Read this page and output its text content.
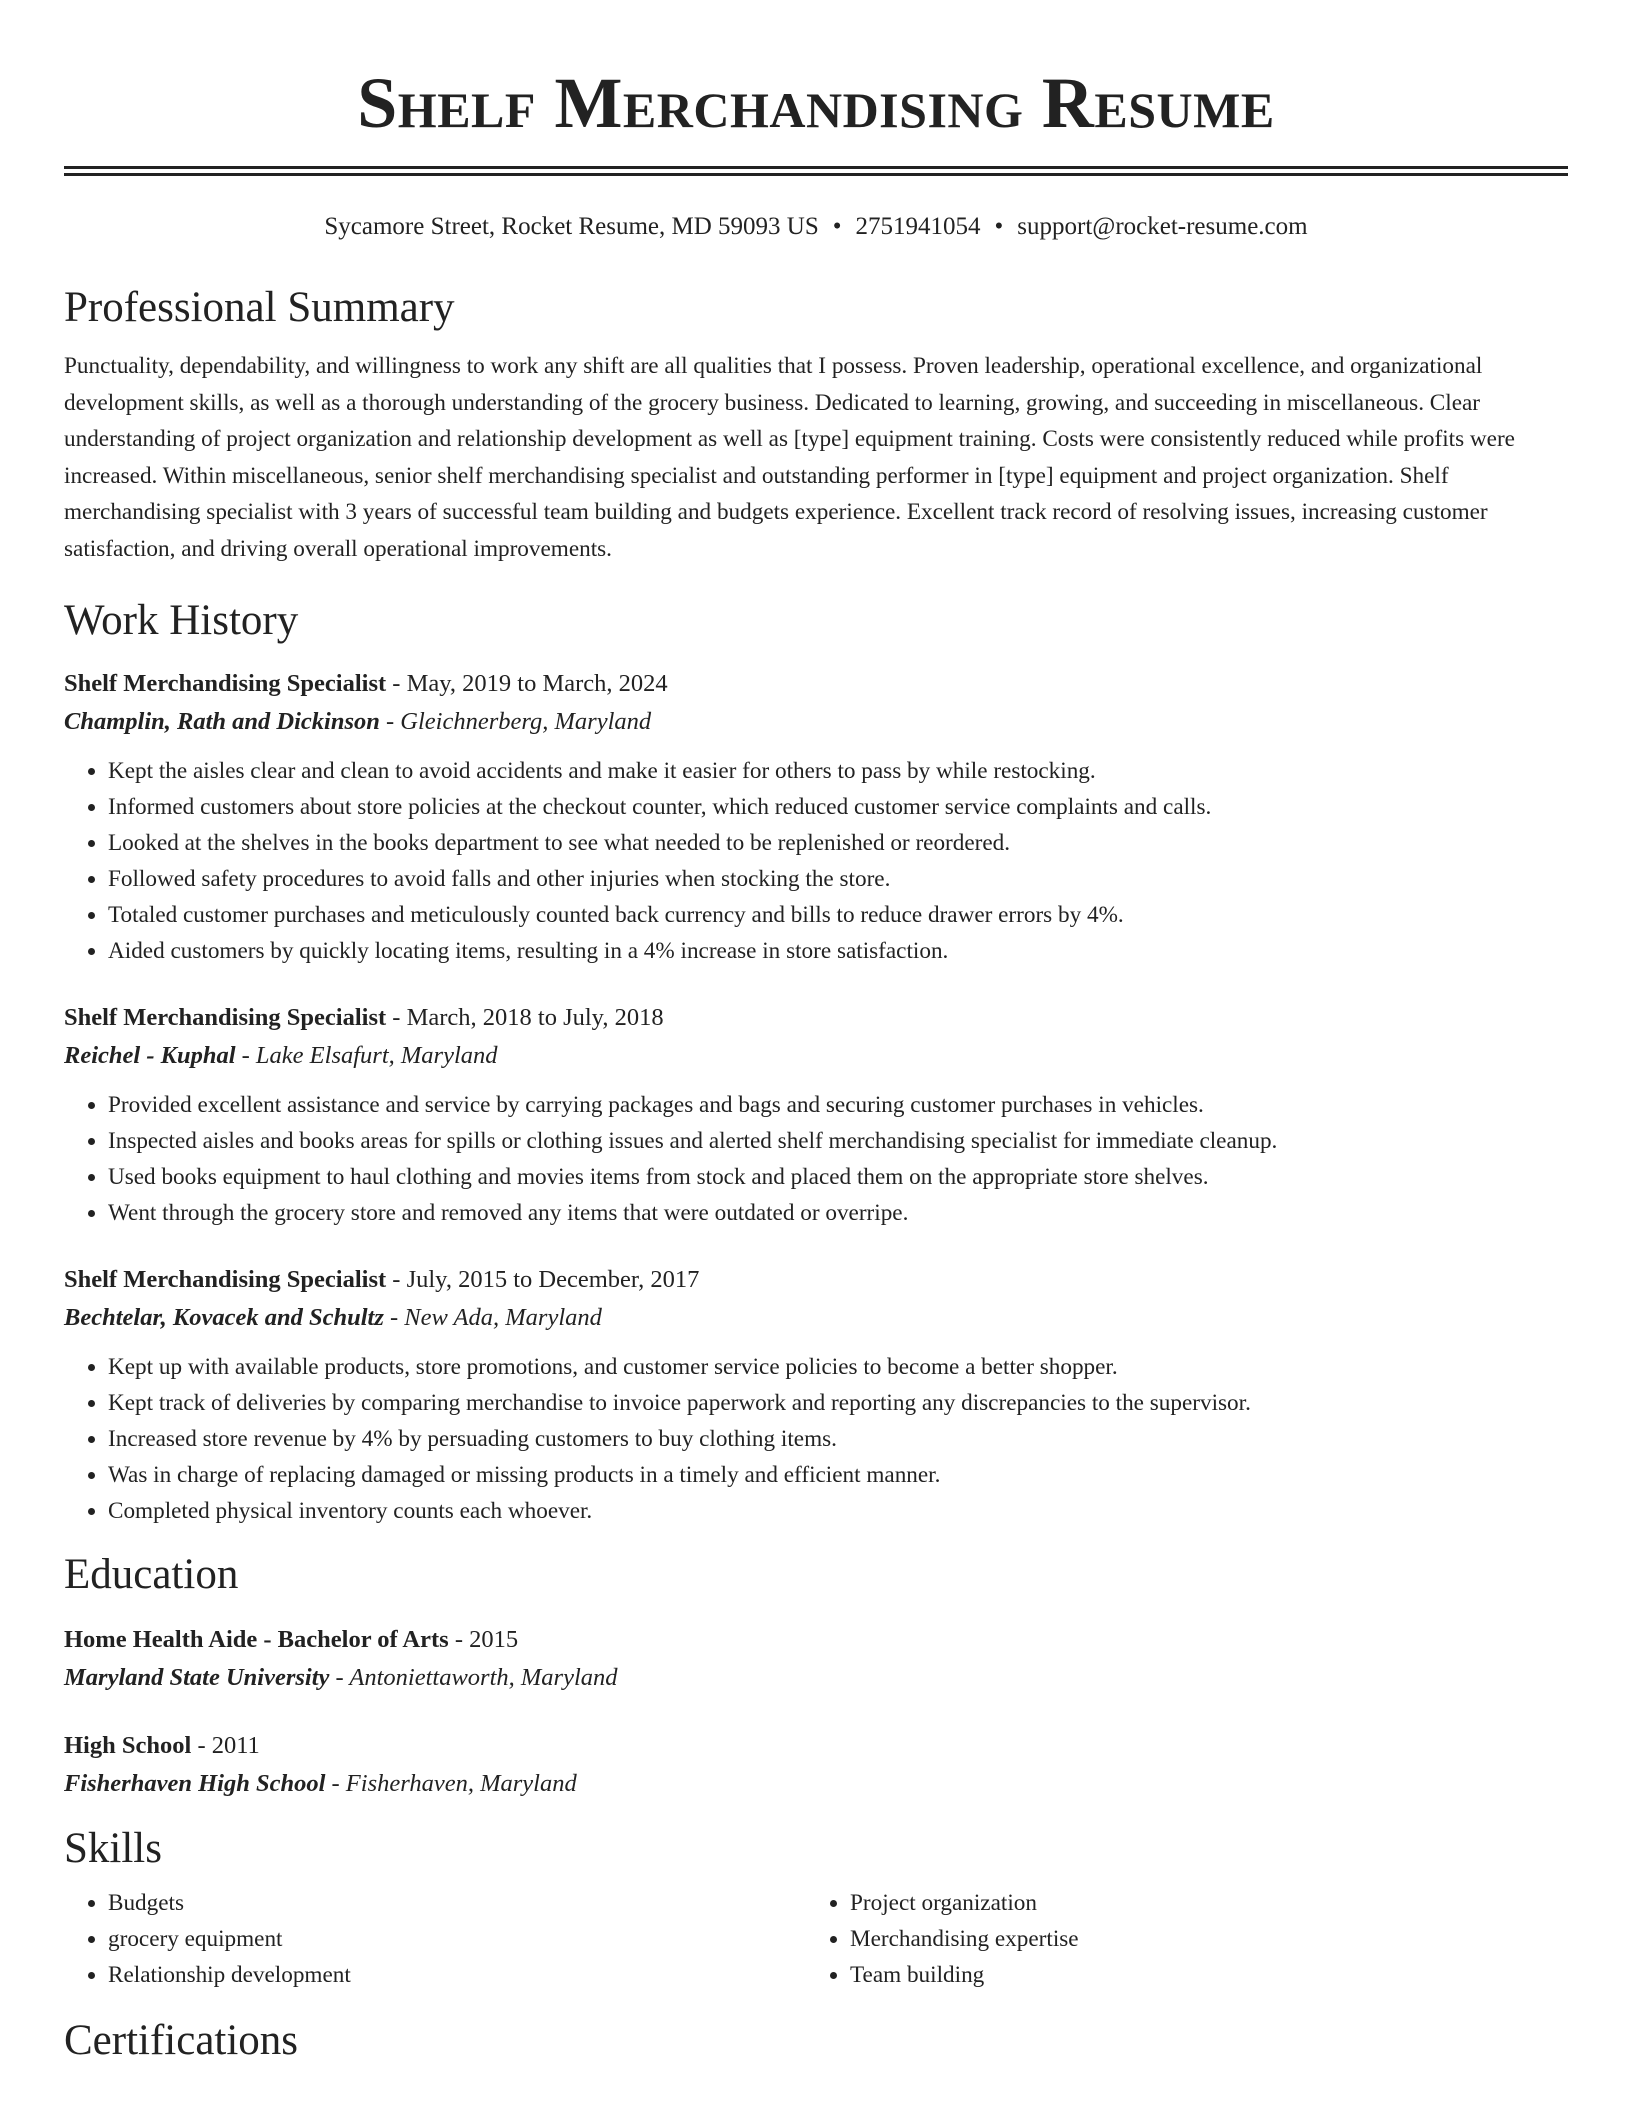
Shelf Merchandising Resume
Sycamore Street, Rocket Resume, MD 59093 US • 2751941054 • support@rocket-resume.com
Professional Summary

Punctuality, dependability, and willingness to work any shift are all qualities that I possess. Proven leadership, operational excellence, and organizational development skills, as well as a thorough understanding of the grocery business. Dedicated to learning, growing, and succeeding in miscellaneous. Clear understanding of project organization and relationship development as well as [type] equipment training. Costs were consistently reduced while profits were increased. Within miscellaneous, senior shelf merchandising specialist and outstanding performer in [type] equipment and project organization. Shelf merchandising specialist with 3 years of successful team building and budgets experience. Excellent track record of resolving issues, increasing customer satisfaction, and driving overall operational improvements.

Work History
Shelf Merchandising Specialist - May, 2019 to March, 2024
Champlin, Rath and Dickinson - Gleichnerberg, Maryland
• Kept the aisles clear and clean to avoid accidents and make it easier for others to pass by while restocking.
• Informed customers about store policies at the checkout counter, which reduced customer service complaints and calls.
• Looked at the shelves in the books department to see what needed to be replenished or reordered.
• Followed safety procedures to avoid falls and other injuries when stocking the store.
• Totaled customer purchases and meticulously counted back currency and bills to reduce drawer errors by 4%.
• Aided customers by quickly locating items, resulting in a 4% increase in store satisfaction.
Shelf Merchandising Specialist - March, 2018 to July, 2018
Reichel - Kuphal - Lake Elsafurt, Maryland
• Provided excellent assistance and service by carrying packages and bags and securing customer purchases in vehicles.
• Inspected aisles and books areas for spills or clothing issues and alerted shelf merchandising specialist for immediate cleanup.
• Used books equipment to haul clothing and movies items from stock and placed them on the appropriate store shelves.
• Went through the grocery store and removed any items that were outdated or overripe.
Shelf Merchandising Specialist - July, 2015 to December, 2017
Bechtelar, Kovacek and Schultz - New Ada, Maryland
• Kept up with available products, store promotions, and customer service policies to become a better shopper.
• Kept track of deliveries by comparing merchandise to invoice paperwork and reporting any discrepancies to the supervisor.
• Increased store revenue by 4% by persuading customers to buy clothing items.
• Was in charge of replacing damaged or missing products in a timely and efficient manner.
• Completed physical inventory counts each whoever.
Education
Home Health Aide - Bachelor of Arts - 2015
Maryland State University - Antoniettaworth, Maryland
High School - 2011
Fisherhaven High School - Fisherhaven, Maryland
Skills
• Budgets
• grocery equipment
• Relationship development
• Project organization
• Merchandising expertise
• Team building
Certifications
